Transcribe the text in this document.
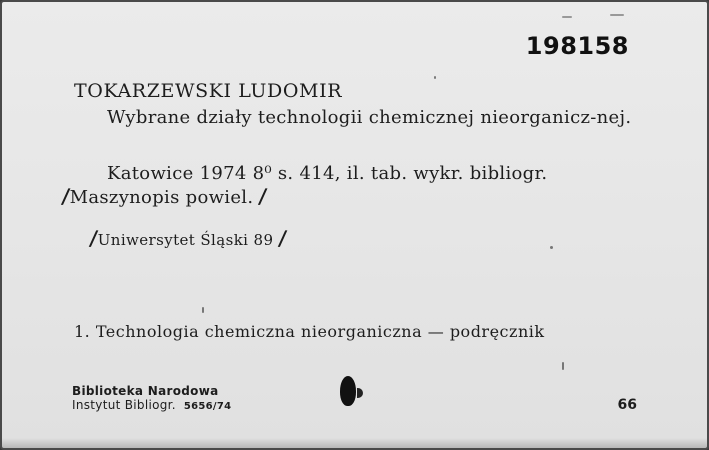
198158
TOKARZEWSKI LUDOMIR
Wybrane działy technologii chemicznej nieorganicz-nej.
Katowice 1974 8⁰ s. 414, il. tab. wykr. bibliogr.
/Maszynopis powiel. /
/Uniwersytet Śląski 89 /
1. Technologia chemiczna nieorganiczna — podręcznik
Biblioteka Narodowa
Instytut Bibliogr. 5656/74	66
